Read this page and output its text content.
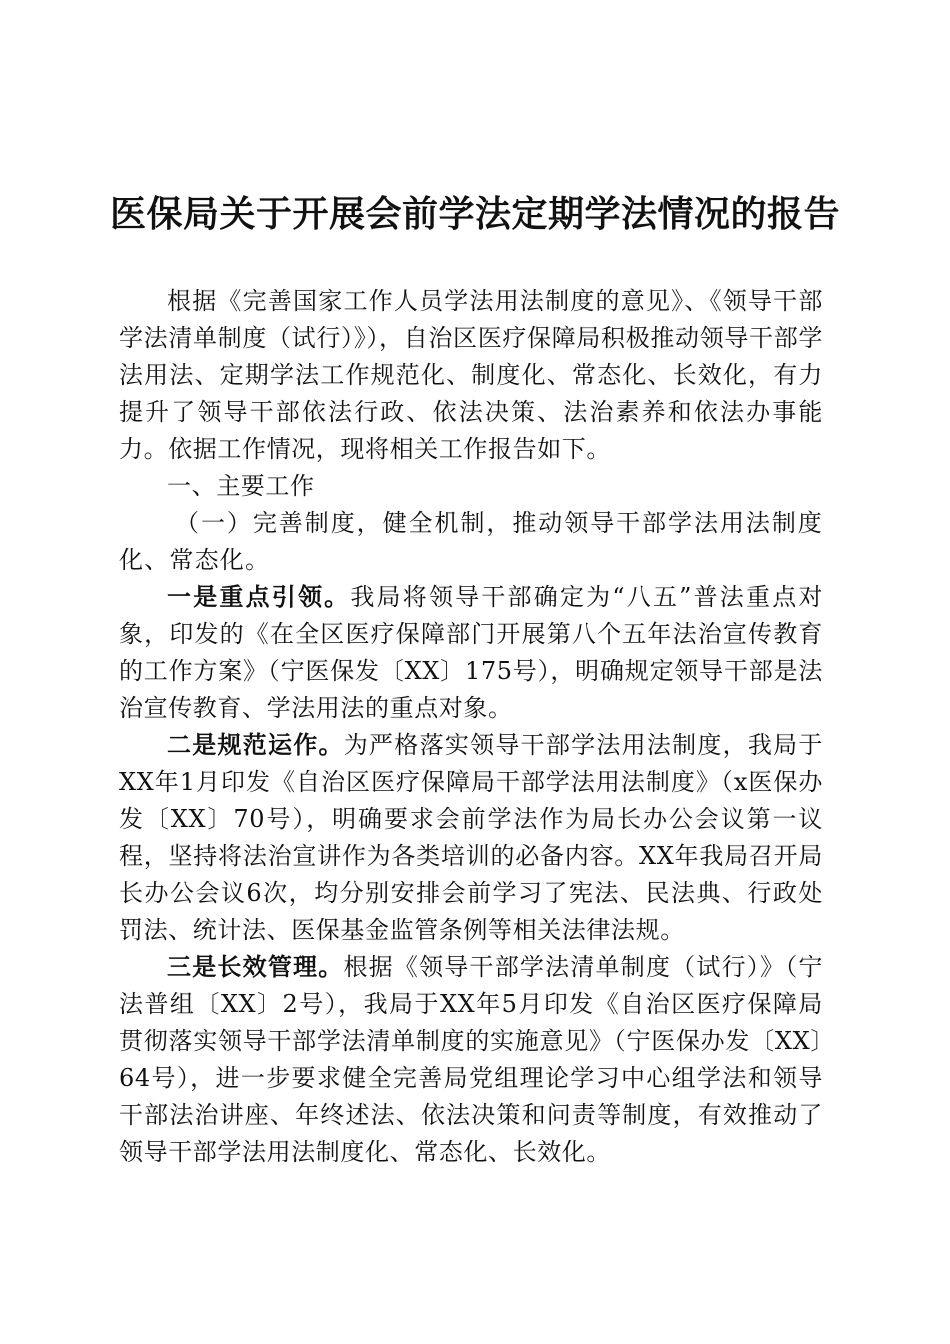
医保局关于开展会前学法定期学法情况的报告

根据《完善国家工作人员学法用法制度的意见》、《领导干部学法清单制度（试行）》），自治区医疗保障局积极推动领导干部学法用法、定期学法工作规范化、制度化、常态化、长效化，有力提升了领导干部依法行政、依法决策、法治素养和依法办事能力。依据工作情况，现将相关工作报告如下。

一、主要工作

（一）完善制度，健全机制，推动领导干部学法用法制度化、常态化。

一是重点引领。我局将领导干部确定为“八五”普法重点对象，印发的《在全区医疗保障部门开展第八个五年法治宣传教育的工作方案》（宁医保发〔XX〕175号），明确规定领导干部是法治宣传教育、学法用法的重点对象。

二是规范运作。为严格落实领导干部学法用法制度，我局于XX年1月印发《自治区医疗保障局干部学法用法制度》（x医保办发〔XX〕70号），明确要求会前学法作为局长办公会议第一议程，坚持将法治宣讲作为各类培训的必备内容。XX年我局召开局长办公会议6次，均分别安排会前学习了宪法、民法典、行政处罚法、统计法、医保基金监管条例等相关法律法规。

三是长效管理。根据《领导干部学法清单制度（试行）》（宁法普组〔XX〕2号），我局于XX年5月印发《自治区医疗保障局贯彻落实领导干部学法清单制度的实施意见》（宁医保办发〔XX〕64号），进一步要求健全完善局党组理论学习中心组学法和领导干部法治讲座、年终述法、依法决策和问责等制度，有效推动了领导干部学法用法制度化、常态化、长效化。
